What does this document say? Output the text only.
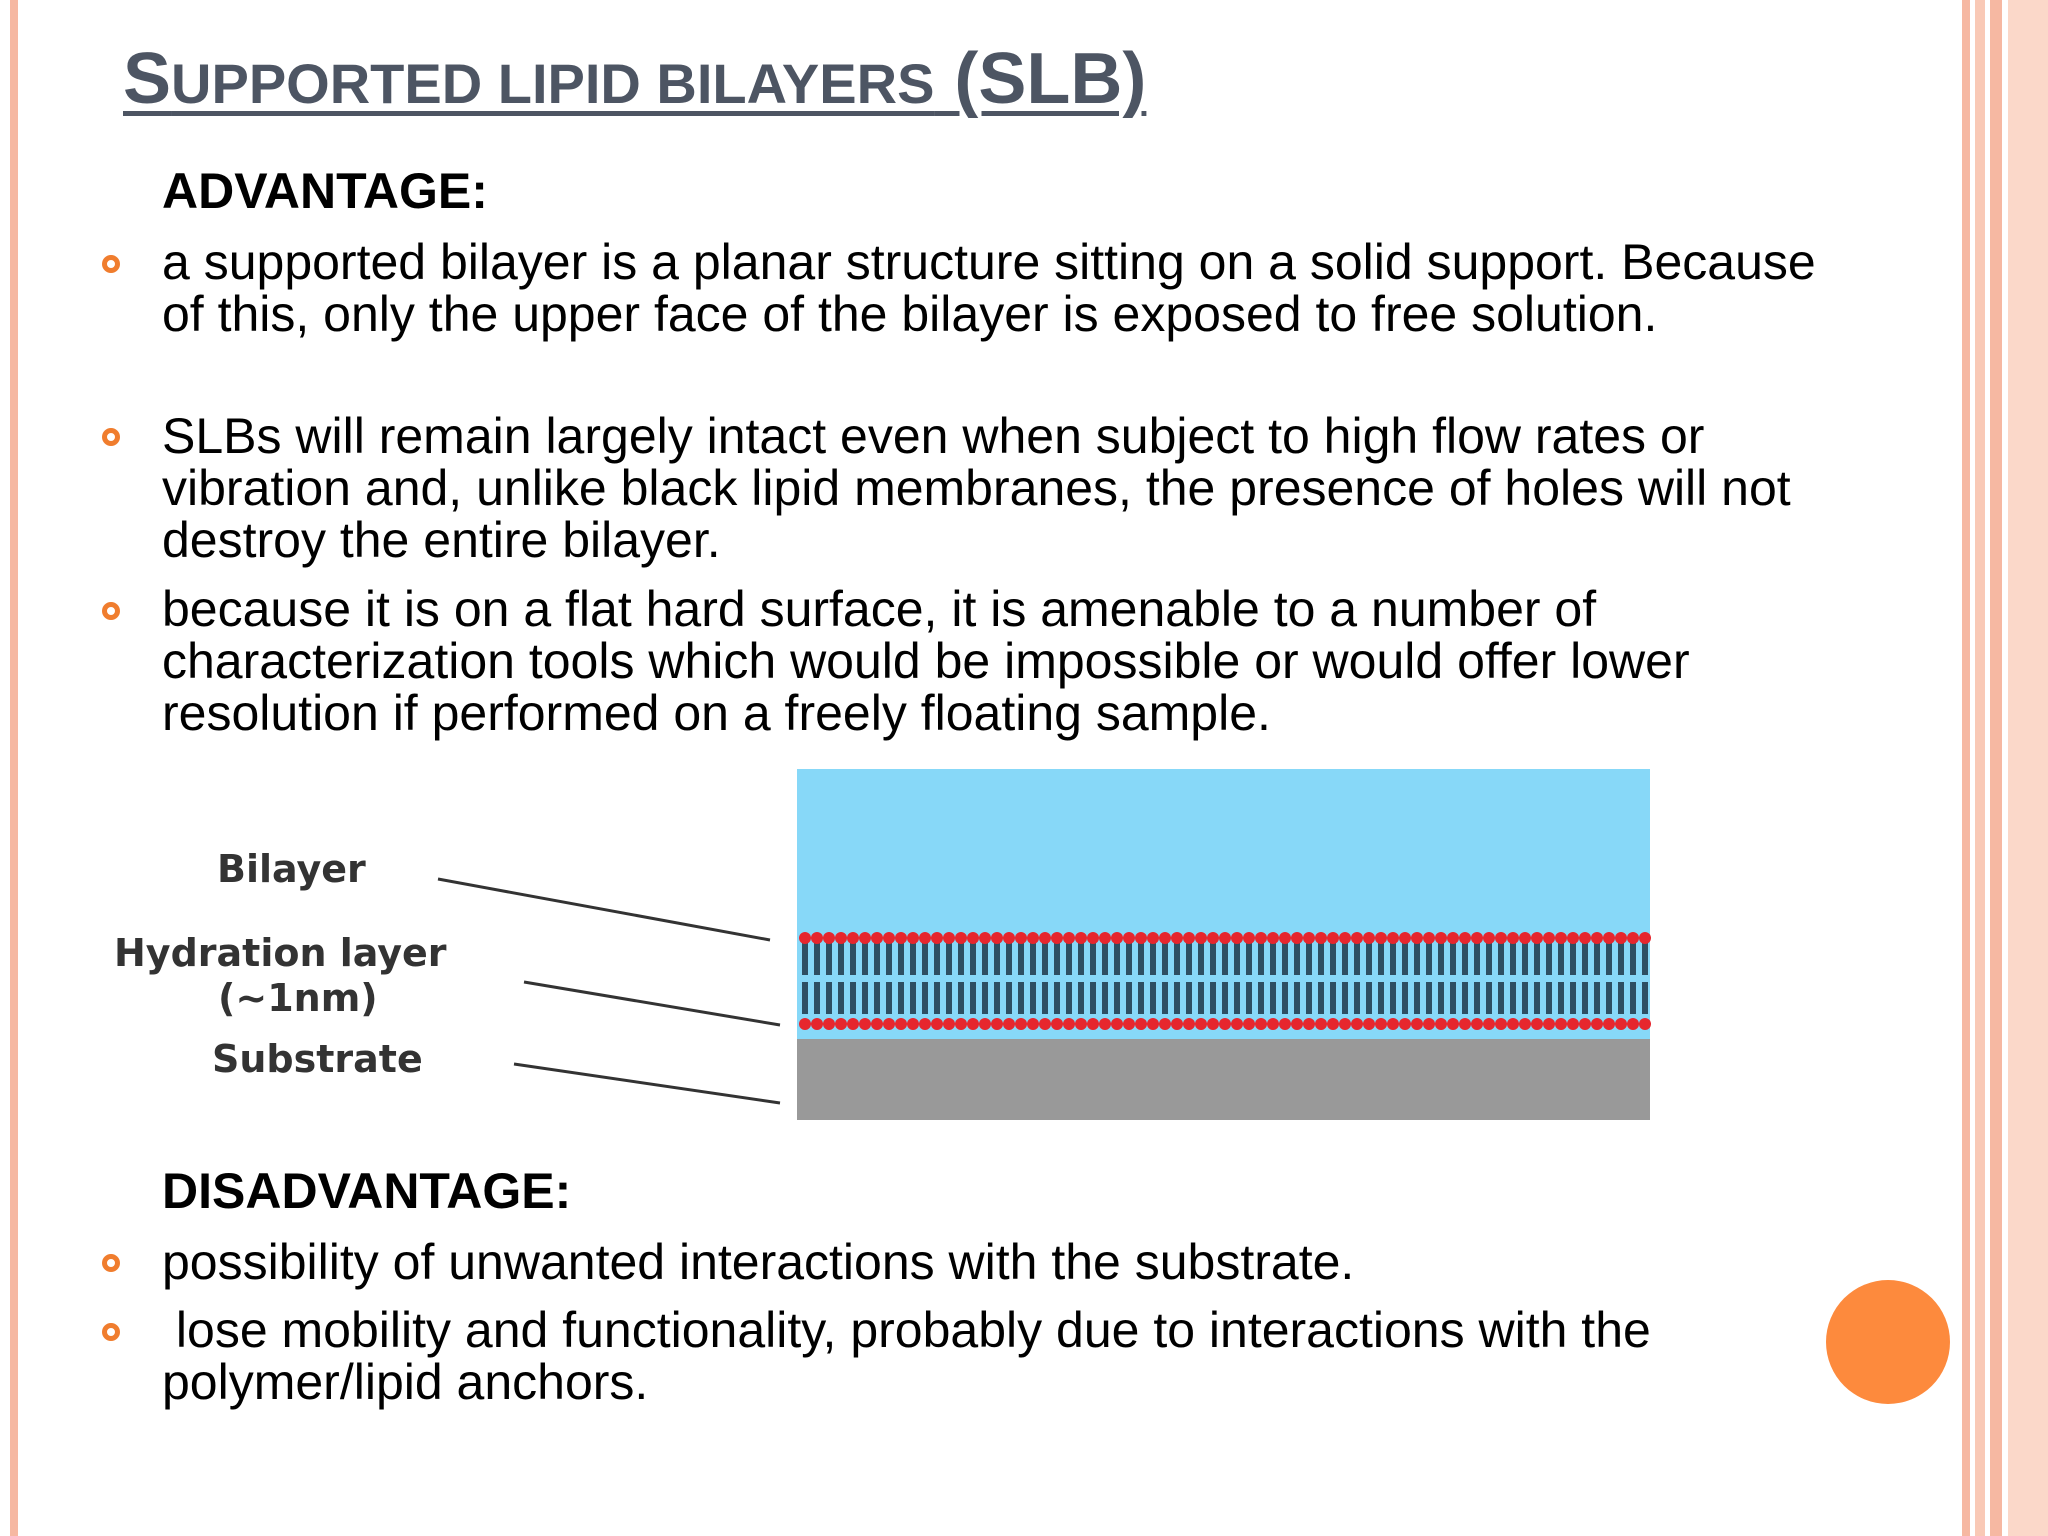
SUPPORTED LIPID BILAYERS (SLB)

ADVANTAGE:

a supported bilayer is a planar structure sitting on a solid support. Because of this, only the upper face of the bilayer is exposed to free solution.

SLBs will remain largely intact even when subject to high flow rates or vibration and, unlike black lipid membranes, the presence of holes will not destroy the entire bilayer.

because it is on a flat hard surface, it is amenable to a number of characterization tools which would be impossible or would offer lower resolution if performed on a freely floating sample.

Bilayer
Hydration layer
(~1nm)
Substrate

DISADVANTAGE:

possibility of unwanted interactions with the substrate.

lose mobility and functionality, probably due to interactions with the polymer/lipid anchors.
